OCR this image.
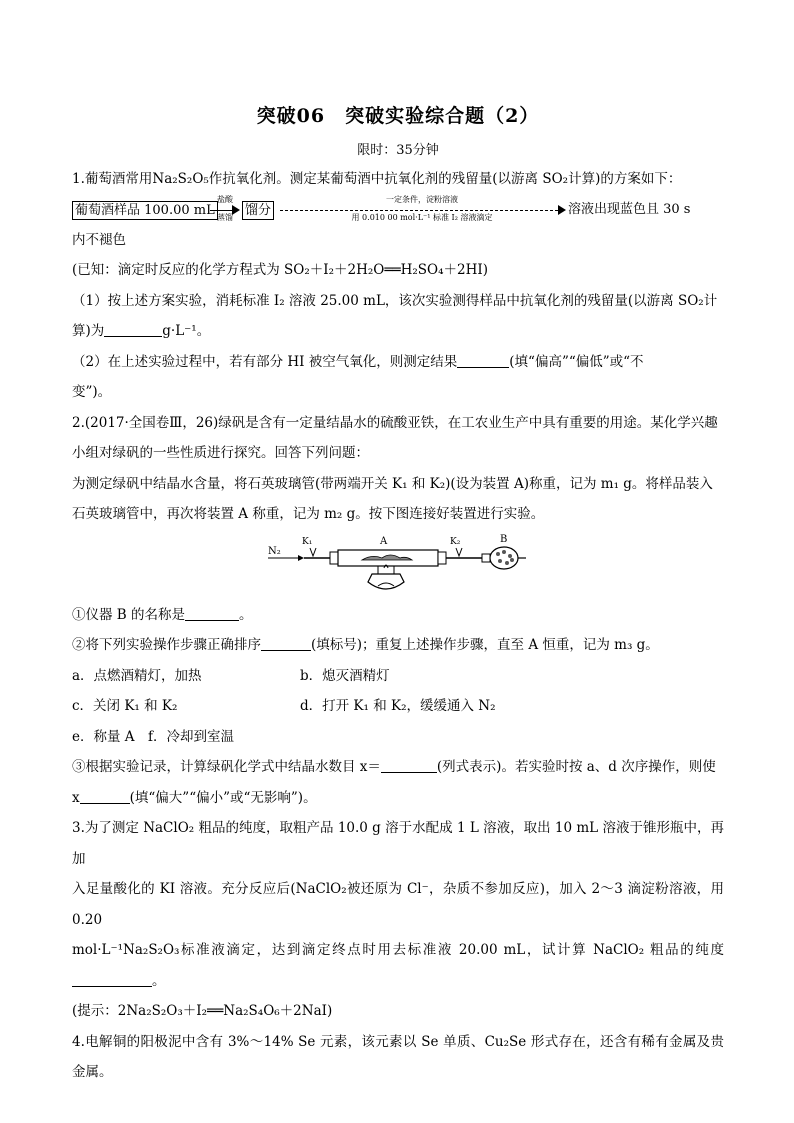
突破06　突破实验综合题（2）
限时：35分钟

1.葡萄酒常用Na₂S₂O₅作抗氧化剂。测定某葡萄酒中抗氧化剂的残留量(以游离 SO₂计算)的方案如下：

葡萄酒样品 100.00 mL
盐酸
蒸馏 馏分
一定条件，淀粉溶液
用 0.010 00 mol·L⁻¹ 标准 I₂ 溶液滴定
溶液出现蓝色且 30 s

内不褪色

(已知：滴定时反应的化学方程式为 SO₂＋I₂＋2H₂O══H₂SO₄＋2HI)

（1）按上述方案实验，消耗标准 I₂ 溶液 25.00 mL，该次实验测得样品中抗氧化剂的残留量(以游离 SO₂计

算)为	g·L⁻¹。

（2）在上述实验过程中，若有部分 HI 被空气氧化，则测定结果	(填“偏高”“偏低”或“不

变”)。

2.(2017·全国卷Ⅲ，26)绿矾是含有一定量结晶水的硫酸亚铁，在工农业生产中具有重要的用途。某化学兴趣

小组对绿矾的一些性质进行探究。回答下列问题：

为测定绿矾中结晶水含量，将石英玻璃管(带两端开关 K₁ 和 K₂)(设为装置 A)称重，记为 m₁ g。将样品装入

石英玻璃管中，再次将装置 A 称重，记为 m₂ g。按下图连接好装置进行实验。

N₂
K₁	A	K₂	B

①仪器 B 的名称是	。

②将下列实验操作步骤正确排序	(填标号)；重复上述操作步骤，直至 A 恒重，记为 m₃ g。

a．点燃酒精灯，加热	b．熄灭酒精灯

c．关闭 K₁ 和 K₂	d．打开 K₁ 和 K₂，缓缓通入 N₂

e．称量 A　f．冷却到室温

③根据实验记录，计算绿矾化学式中结晶水数目 x＝	(列式表示)。若实验时按 a、d 次序操作，则使

x	(填“偏大”“偏小”或“无影响”)。

3.为了测定 NaClO₂ 粗品的纯度，取粗产品 10.0 g 溶于水配成 1 L 溶液，取出 10 mL 溶液于锥形瓶中，再加

入足量酸化的 KI 溶液。充分反应后(NaClO₂被还原为 Cl⁻，杂质不参加反应)，加入 2～3 滴淀粉溶液，用 0.20

mol·L⁻¹Na₂S₂O₃标准液滴定，达到滴定终点时用去标准液 20.00 mL，试计算 NaClO₂ 粗品的纯度。

(提示：2Na₂S₂O₃＋I₂══Na₂S₄O₆＋2NaI)

4.电解铜的阳极泥中含有 3%～14% Se 元素，该元素以 Se 单质、Cu₂Se 形式存在，还含有稀有金属及贵金属。
